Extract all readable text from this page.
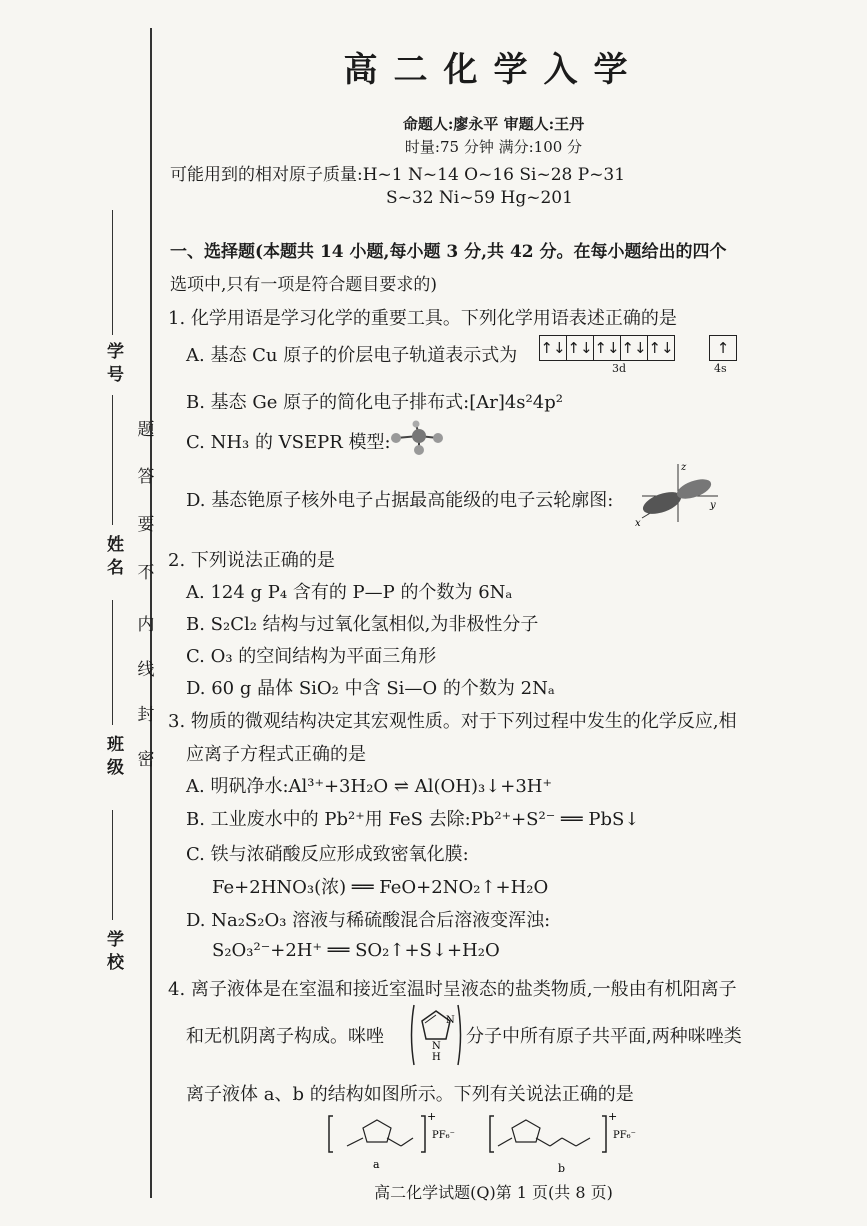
学 校
班 级
姓 名
学 号
密
封
线
内
不
要
答
题
高二化学入学
命题人:廖永平 审题人:王丹
时量:75 分钟 满分:100 分
可能用到的相对原子质量:H~1 N~14 O~16 Si~28 P~31
S~32 Ni~59 Hg~201
一、选择题(本题共 14 小题,每小题 3 分,共 42 分。在每小题给出的四个
选项中,只有一项是符合题目要求的)
1. 化学用语是学习化学的重要工具。下列化学用语表述正确的是
A. 基态 Cu 原子的价层电子轨道表示式为 ↑↓ ↑↓ ↑↓ ↑↓ ↑↓	↑
3d	4s
B. 基态 Ge 原子的简化电子排布式:[Ar]4s²4p²
C. NH₃ 的 VSEPR 模型:
D. 基态铯原子核外电子占据最高能级的电子云轮廓图:
z
y
x
2. 下列说法正确的是
A. 124 g P₄ 含有的 P—P 的个数为 6Nₐ
B. S₂Cl₂ 结构与过氧化氢相似,为非极性分子
C. O₃ 的空间结构为平面三角形
D. 60 g 晶体 SiO₂ 中含 Si—O 的个数为 2Nₐ
3. 物质的微观结构决定其宏观性质。对于下列过程中发生的化学反应,相
应离子方程式正确的是
A. 明矾净水:Al³⁺+3H₂O ⇌ Al(OH)₃↓+3H⁺
B. 工业废水中的 Pb²⁺用 FeS 去除:Pb²⁺+S²⁻ ══ PbS↓
C. 铁与浓硝酸反应形成致密氧化膜:
Fe+2HNO₃(浓) ══ FeO+2NO₂↑+H₂O
D. Na₂S₂O₃ 溶液与稀硫酸混合后溶液变浑浊:
S₂O₃²⁻+2H⁺ ══ SO₂↑+S↓+H₂O
4. 离子液体是在室温和接近室温时呈液态的盐类物质,一般由有机阳离子
和无机阴离子构成。咪唑
N
N
H
分子中所有原子共平面,两种咪唑类
离子液体 a、b 的结构如图所示。下列有关说法正确的是
+
PF₆⁻
a
+
PF₆⁻
b
高二化学试题(Q)第 1 页(共 8 页)
